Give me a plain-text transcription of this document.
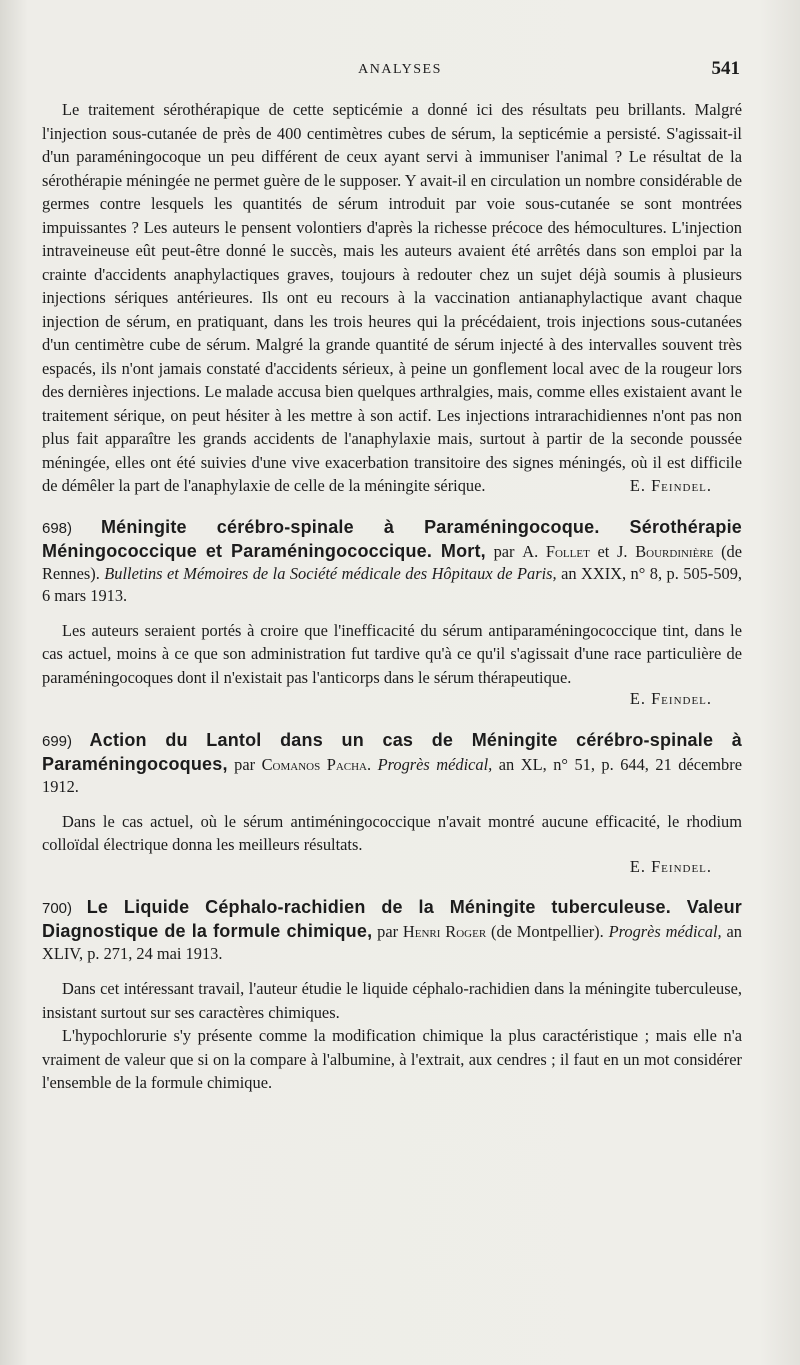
ANALYSES	541

Le traitement sérothérapique de cette septicémie a donné ici des résultats peu brillants. Malgré l'injection sous-cutanée de près de 400 centimètres cubes de sérum, la septicémie a persisté. S'agissait-il d'un paraméningocoque un peu différent de ceux ayant servi à immuniser l'animal ? Le résultat de la sérothérapie méningée ne permet guère de le supposer. Y avait-il en circulation un nombre considérable de germes contre lesquels les quantités de sérum introduit par voie sous-cutanée se sont montrées impuissantes ? Les auteurs le pensent volontiers d'après la richesse précoce des hémocultures. L'injection intraveineuse eût peut-être donné le succès, mais les auteurs avaient été arrêtés dans son emploi par la crainte d'accidents anaphylactiques graves, toujours à redouter chez un sujet déjà soumis à plusieurs injections sériques antérieures. Ils ont eu recours à la vaccination antianaphylactique avant chaque injection de sérum, en pratiquant, dans les trois heures qui la précédaient, trois injections sous-cutanées d'un centimètre cube de sérum. Malgré la grande quantité de sérum injecté à des intervalles souvent très espacés, ils n'ont jamais constaté d'accidents sérieux, à peine un gonflement local avec de la rougeur lors des dernières injections. Le malade accusa bien quelques arthralgies, mais, comme elles existaient avant le traitement sérique, on peut hésiter à les mettre à son actif. Les injections intrarachidiennes n'ont pas non plus fait apparaître les grands accidents de l'anaphylaxie mais, surtout à partir de la seconde poussée méningée, elles ont été suivies d'une vive exacerbation transitoire des signes méningés, où il est difficile de démêler la part de l'anaphylaxie de celle de la méningite sérique.	E. Feindel.

698) Méningite cérébro-spinale à Paraméningocoque. Sérothérapie Méningococcique et Paraméningococcique. Mort, par A. Follet et J. Bourdinière (de Rennes). Bulletins et Mémoires de la Société médicale des Hôpitaux de Paris, an XXIX, n° 8, p. 505-509, 6 mars 1913.

Les auteurs seraient portés à croire que l'inefficacité du sérum antiparaméningococcique tint, dans le cas actuel, moins à ce que son administration fut tardive qu'à ce qu'il s'agissait d'une race particulière de paraméningocoques dont il n'existait pas l'anticorps dans le sérum thérapeutique.

E. Feindel.

699) Action du Lantol dans un cas de Méningite cérébro-spinale à Paraméningocoques, par Comanos Pacha. Progrès médical, an XL, n° 51, p. 644, 21 décembre 1912.

Dans le cas actuel, où le sérum antiméningococcique n'avait montré aucune efficacité, le rhodium colloïdal électrique donna les meilleurs résultats.

E. Feindel.

700) Le Liquide Céphalo-rachidien de la Méningite tuberculeuse. Valeur Diagnostique de la formule chimique, par Henri Roger (de Montpellier). Progrès médical, an XLIV, p. 271, 24 mai 1913.

Dans cet intéressant travail, l'auteur étudie le liquide céphalo-rachidien dans la méningite tuberculeuse, insistant surtout sur ses caractères chimiques.

L'hypochlorurie s'y présente comme la modification chimique la plus caractéristique ; mais elle n'a vraiment de valeur que si on la compare à l'albumine, à l'extrait, aux cendres ; il faut en un mot considérer l'ensemble de la formule chimique.
